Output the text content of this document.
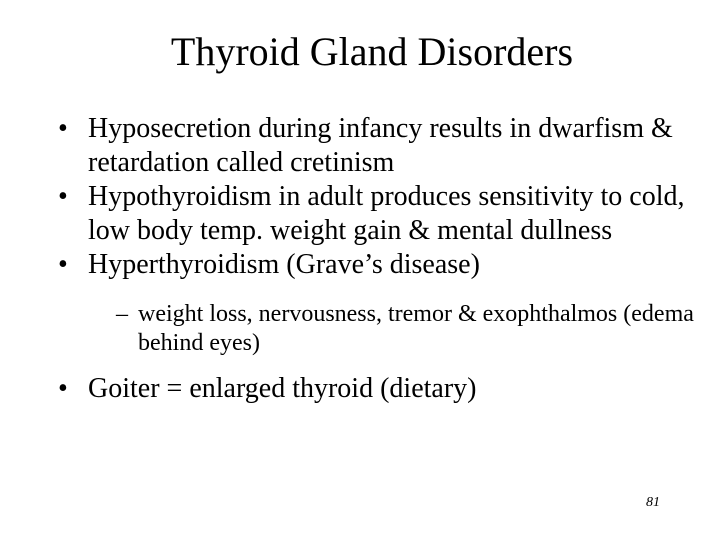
Thyroid Gland Disorders
• Hyposecretion during infancy results in dwarfism & retardation called cretinism
• Hypothyroidism in adult produces sensitivity to cold, low body temp. weight gain & mental dullness
• Hyperthyroidism (Grave’s disease)
– weight loss, nervousness, tremor & exophthalmos (edema behind eyes)
• Goiter = enlarged thyroid (dietary)
81
